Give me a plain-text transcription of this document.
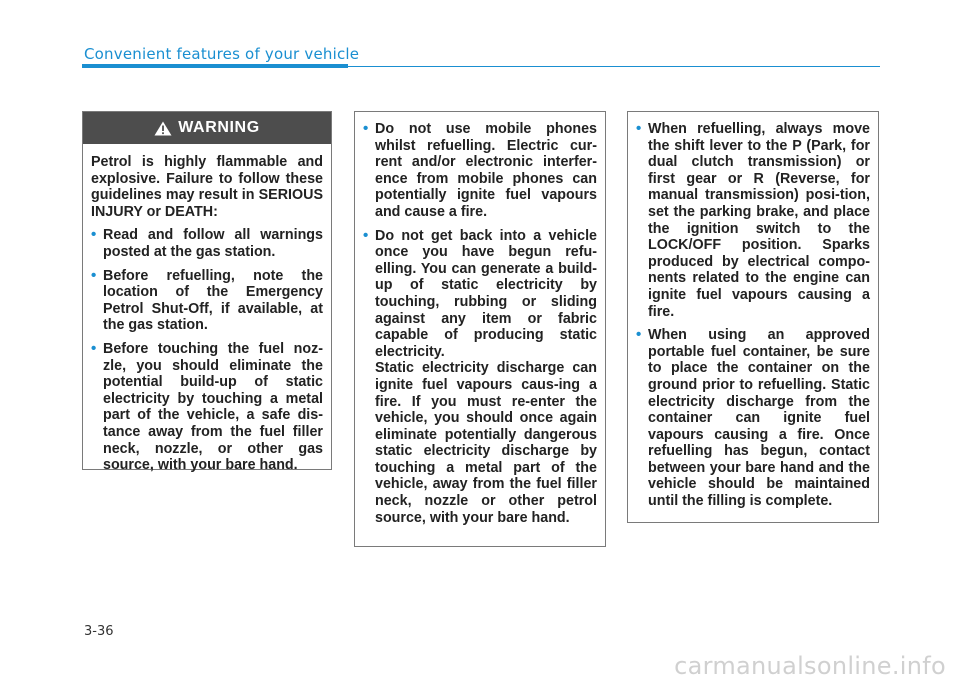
Convenient features of your vehicle
WARNING

Petrol is highly flammable and explosive. Failure to follow these guidelines may result in SERIOUS INJURY or DEATH:

• Read and follow all warnings posted at the gas station.
• Before refuelling, note the location of the Emergency Petrol Shut-Off, if available, at the gas station.
• Before touching the fuel noz-zle, you should eliminate the potential build-up of static electricity by touching a metal part of the vehicle, a safe dis-tance away from the fuel filler neck, nozzle, or other gas source, with your bare hand.
• Do not use mobile phones whilst refuelling. Electric cur-rent and/or electronic interfer-ence from mobile phones can potentially ignite fuel vapours and cause a fire.
• Do not get back into a vehicle once you have begun refu-elling. You can generate a build-up of static electricity by touching, rubbing or sliding against any item or fabric capable of producing static electricity.

Static electricity discharge can ignite fuel vapours caus-ing a fire. If you must re-enter the vehicle, you should once again eliminate potentially dangerous static electricity discharge by touching a metal part of the vehicle, away from the fuel filler neck, nozzle or other petrol source, with your bare hand.

• When refuelling, always move the shift lever to the P (Park, for dual clutch transmission) or first gear or R (Reverse, for manual transmission) posi-tion, set the parking brake, and place the ignition switch to the LOCK/OFF position. Sparks produced by electrical compo-nents related to the engine can ignite fuel vapours causing a fire.
• When using an approved portable fuel container, be sure to place the container on the ground prior to refuelling. Static electricity discharge from the container can ignite fuel vapours causing a fire. Once refuelling has begun, contact between your bare hand and the vehicle should be maintained until the filling is complete.
3-36
carmanualsonline.info
